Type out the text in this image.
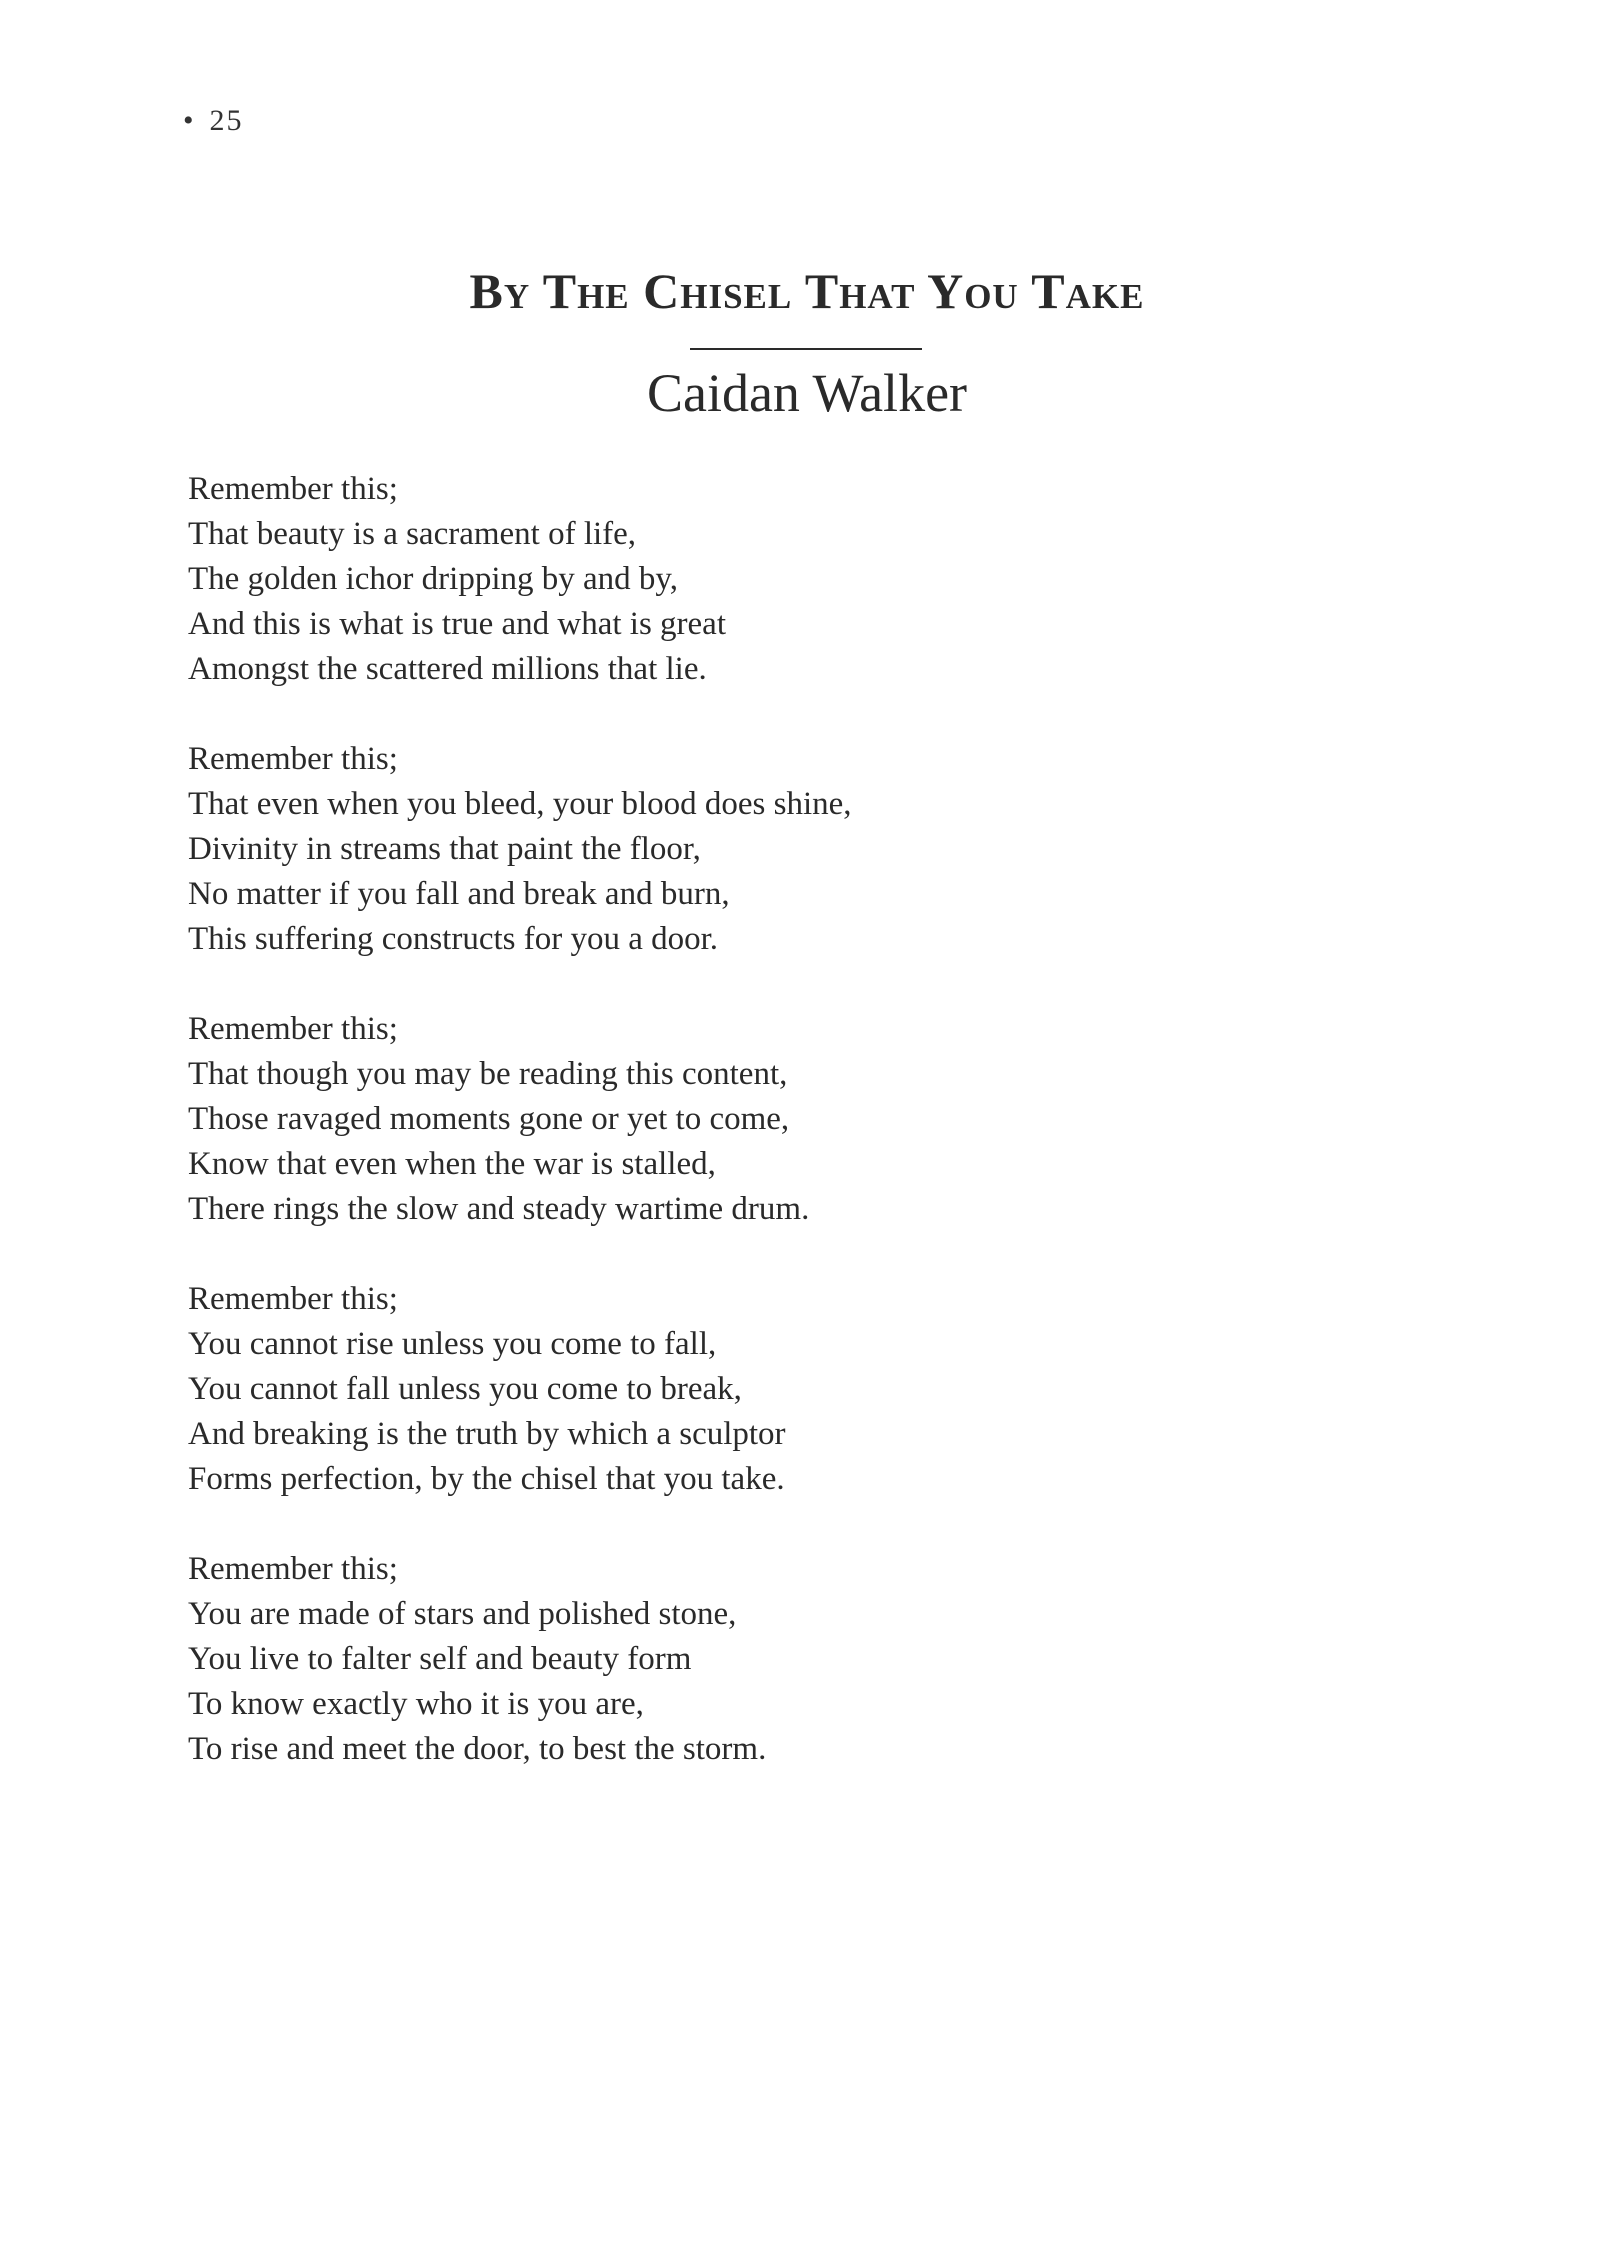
• 25
By The Chisel That You Take
Caidan Walker
Remember this;
That beauty is a sacrament of life,
The golden ichor dripping by and by,
And this is what is true and what is great
Amongst the scattered millions that lie.
Remember this;
That even when you bleed, your blood does shine,
Divinity in streams that paint the floor,
No matter if you fall and break and burn,
This suffering constructs for you a door.
Remember this;
That though you may be reading this content,
Those ravaged moments gone or yet to come,
Know that even when the war is stalled,
There rings the slow and steady wartime drum.
Remember this;
You cannot rise unless you come to fall,
You cannot fall unless you come to break,
And breaking is the truth by which a sculptor
Forms perfection, by the chisel that you take.
Remember this;
You are made of stars and polished stone,
You live to falter self and beauty form
To know exactly who it is you are,
To rise and meet the door, to best the storm.
